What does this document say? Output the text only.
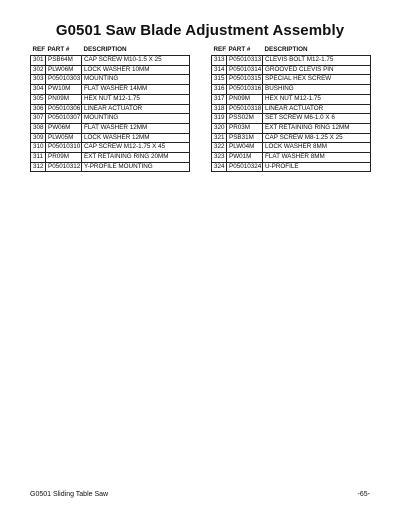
G0501 Saw Blade Adjustment Assembly
REF	PART #	DESCRIPTION
301	PSB64M	CAP SCREW M10-1.5 X 25
302	PLW06M	LOCK WASHER 10MM
303	P05010303	MOUNTING
304	PW10M	FLAT WASHER 14MM
305	PN09M	HEX NUT M12-1.75
306	P05010306	LINEAR ACTUATOR
307	P05010307	MOUNTING
308	PW06M	FLAT WASHER 12MM
309	PLW05M	LOCK WASHER 12MM
310	P05010310	CAP SCREW M12-1.75 X 45
311	PR09M	EXT RETAINING RING 20MM
312	P05010312	Y-PROFILE MOUNTING
REF	PART #	DESCRIPTION
313	P05010313	CLEVIS BOLT M12-1.75
314	P05010314	GROOVED CLEVIS PIN
315	P05010315	SPECIAL HEX SCREW
316	P05010316	BUSHING
317	PN09M	HEX NUT M12-1.75
318	P05010318	LINEAR ACTUATOR
319	PSS02M	SET SCREW M6-1.0 X 6
320	PR03M	EXT RETAINING RING 12MM
321	PSB31M	CAP SCREW M8-1.25 X 25
322	PLW04M	LOCK WASHER 8MM
323	PW01M	FLAT WASHER 8MM
324	P05010324	U-PROFILE
G0501 Sliding Table Saw	-65-
